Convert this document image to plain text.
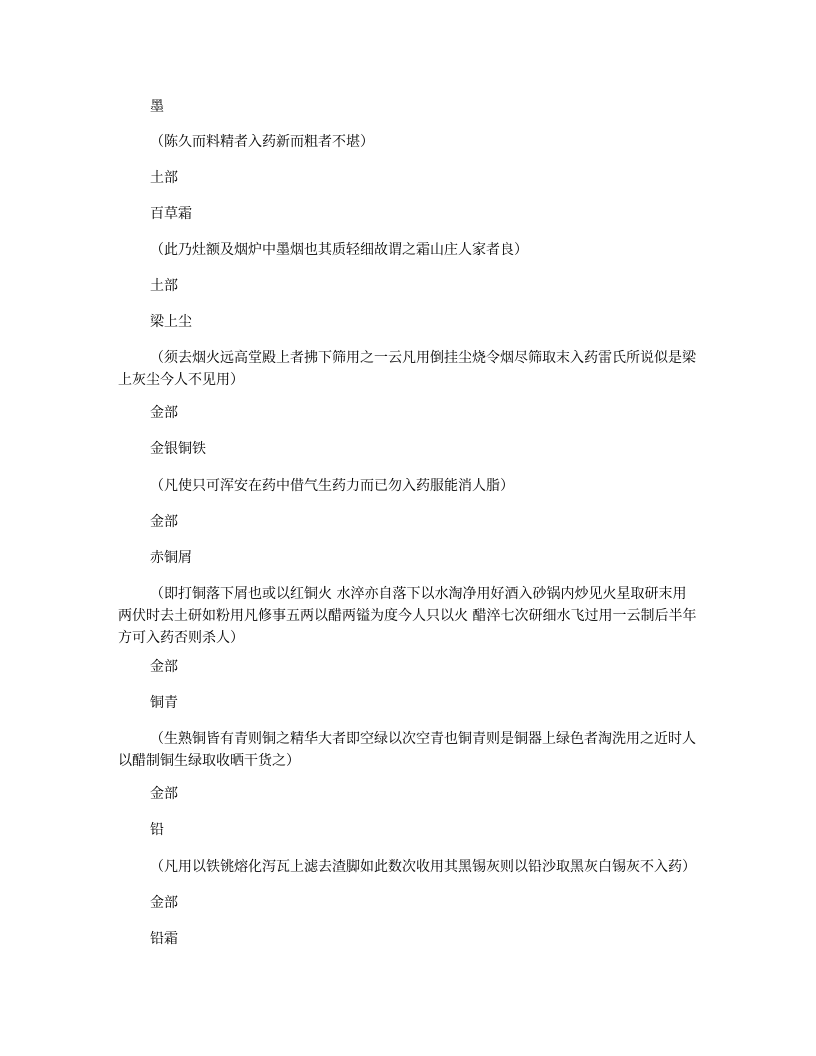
墨

（陈久而料精者入药新而粗者不堪）

土部

百草霜

（此乃灶额及烟炉中墨烟也其质轻细故谓之霜山庄人家者良）

土部

梁上尘

（须去烟火远高堂殿上者拂下筛用之一云凡用倒挂尘烧令烟尽筛取末入药雷氏所说似是梁上灰尘今人不见用）

金部

金银铜铁

（凡使只可浑安在药中借气生药力而已勿入药服能消人脂）

金部

赤铜屑

（即打铜落下屑也或以红铜火 水淬亦自落下以水淘净用好酒入砂锅内炒见火星取研末用两伏时去土研如粉用凡修事五两以醋两镒为度今人只以火 醋淬七次研细水飞过用一云制后半年方可入药否则杀人）

金部

铜青

（生熟铜皆有青则铜之精华大者即空绿以次空青也铜青则是铜器上绿色者淘洗用之近时人以醋制铜生绿取收晒干货之）

金部

铅

（凡用以铁铫熔化泻瓦上滤去渣脚如此数次收用其黑锡灰则以铅沙取黑灰白锡灰不入药）

金部

铅霜
